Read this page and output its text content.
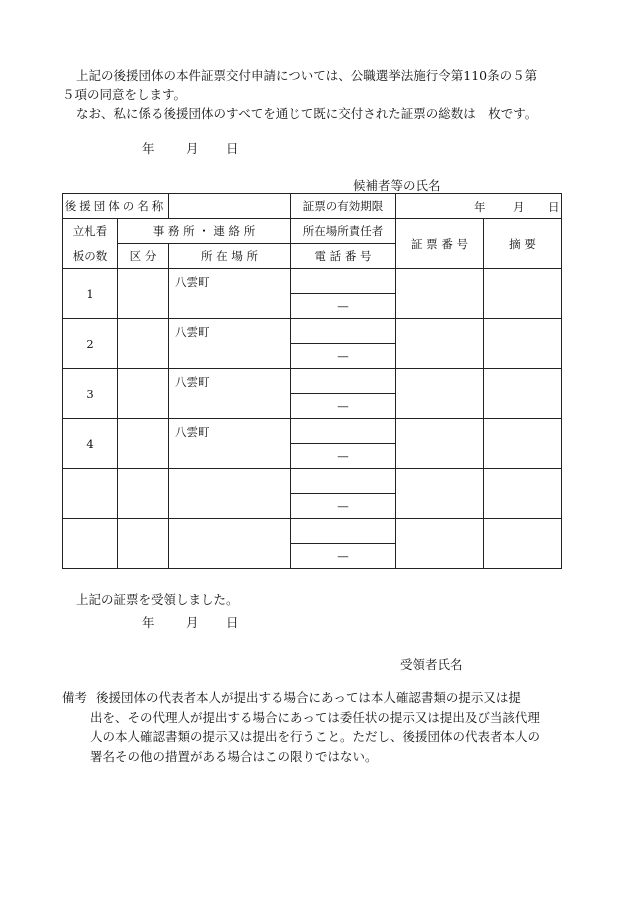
上記の後援団体の本件証票交付申請については、公職選挙法施行令第110条の５第
５項の同意をします。
なお、私に係る後援団体のすべてを通じて既に交付された証票の総数は　枚です。
年	月 日
候補者等の氏名
後援団体の名称			証票の有効期限	年 月 日	

立札看	事 務 所 ・ 連 絡 所		所在場所責任者	証 票 番 号	摘 要
板の数	区 分	所 在 場 所	電 話 番 号		
1		八雲町			
			—		
2		八雲町			
			—		
3		八雲町			
			—		
4		八雲町			
			—		

			—		

			—		
上記の証票を受領しました。
年	月 日
受領者氏名
備考 後援団体の代表者本人が提出する場合にあっては本人確認書類の提示又は提
出を、その代理人が提出する場合にあっては委任状の提示又は提出及び当該代理
人の本人確認書類の提示又は提出を行うこと。ただし、後援団体の代表者本人の
署名その他の措置がある場合はこの限りではない。
